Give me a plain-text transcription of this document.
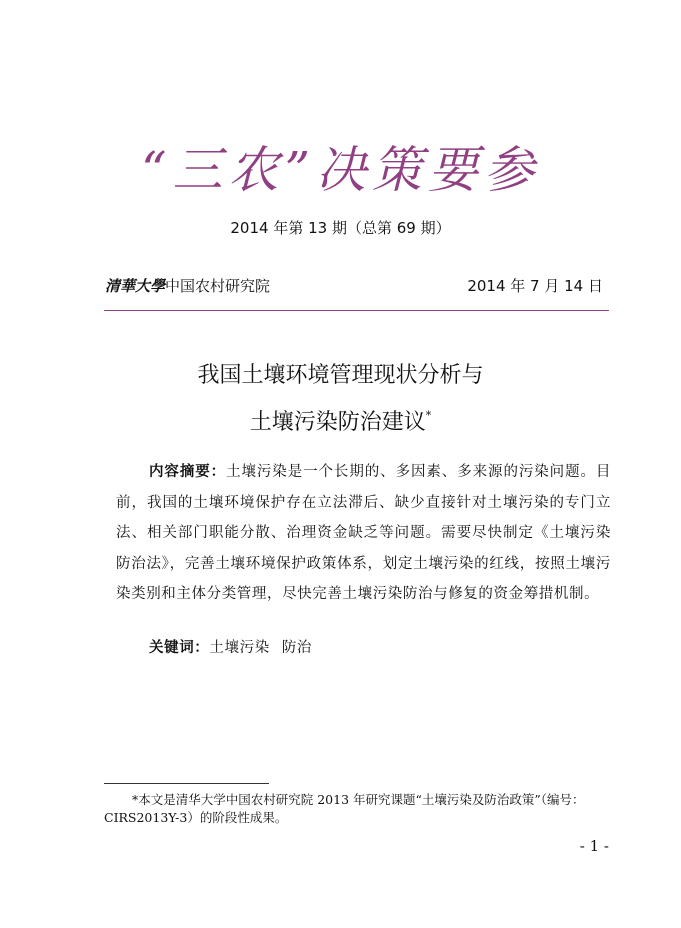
“三农”决策要参
2014 年第 13 期（总第 69 期）
清華大學中国农村研究院	2014 年 7 月 14 日
我国土壤环境管理现状分析与
土壤污染防治建议*
内容摘要：土壤污染是一个长期的、多因素、多来源的污染问题。目前，我国的土壤环境保护存在立法滞后、缺少直接针对土壤污染的专门立法、相关部门职能分散、治理资金缺乏等问题。需要尽快制定《土壤污染防治法》，完善土壤环境保护政策体系，划定土壤污染的红线，按照土壤污染类别和主体分类管理，尽快完善土壤污染防治与修复的资金筹措机制。
关键词：土壤污染 防治
*本文是清华大学中国农村研究院 2013 年研究课题“土壤污染及防治政策”（编号：CIRS2013Y-3）的阶段性成果。
- 1 -
